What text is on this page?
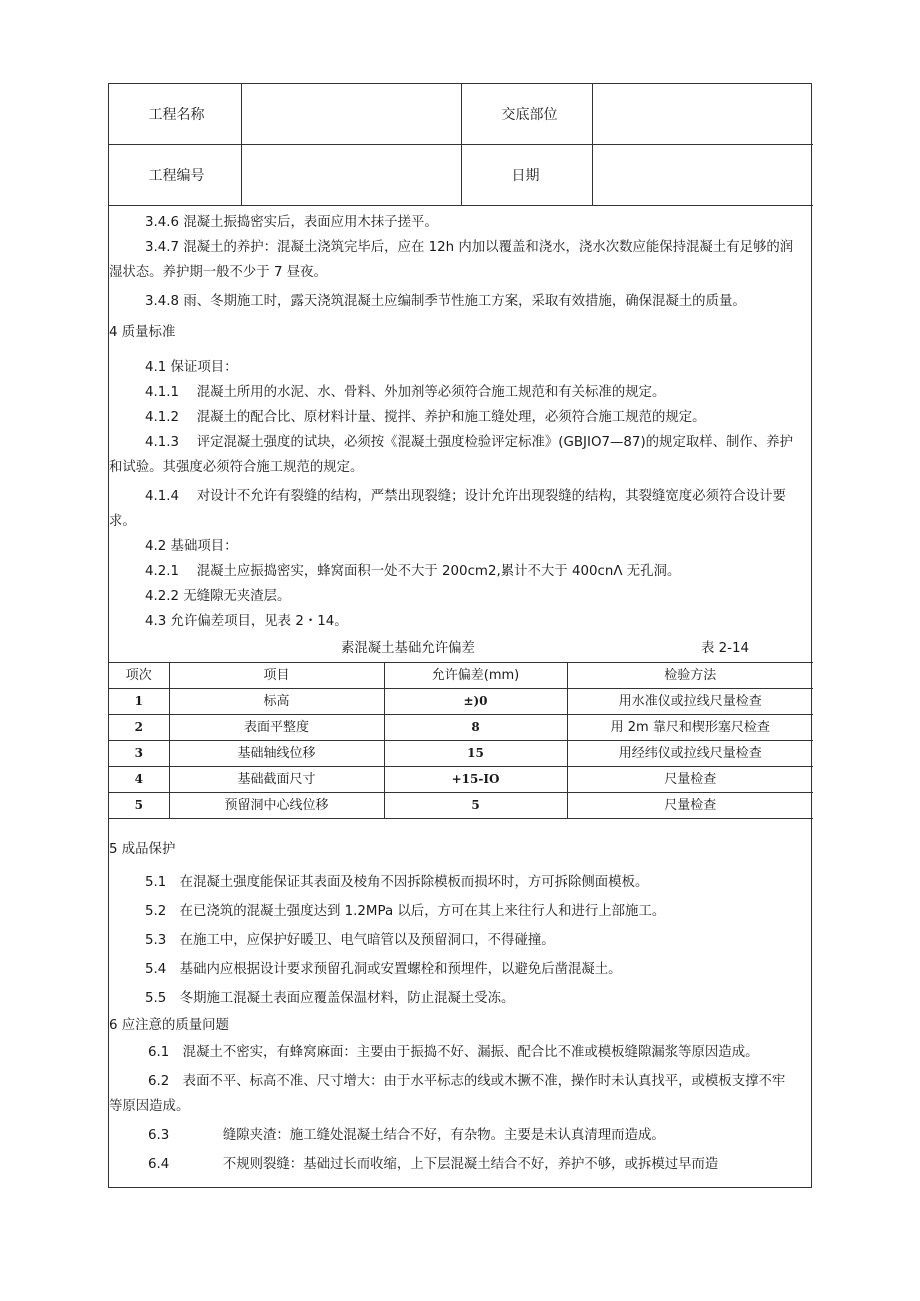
工程名称		交底部位	
工程编号		日期	

3.4.6 混凝土振捣密实后，表面应用木抹子搓平。

3.4.7 混凝土的养护：混凝土浇筑完毕后，应在 12h 内加以覆盖和浇水，浇水次数应能保持混凝土有足够的润湿状态。养护期一般不少于 7 昼夜。

3.4.8 雨、冬期施工时，露天浇筑混凝土应编制季节性施工方案，采取有效措施，确保混凝土的质量。

4 质量标准

4.1 保证项目：

4.1.1　 混凝土所用的水泥、水、骨料、外加剂等必须符合施工规范和有关标准的规定。

4.1.2　 混凝土的配合比、原材料计量、搅拌、养护和施工缝处理，必须符合施工规范的规定。

4.1.3　 评定混凝土强度的试块，必须按《混凝土强度检验评定标准》(GBJIO7—87)的规定取样、制作、养护和试验。其强度必须符合施工规范的规定。

4.1.4　 对设计不允许有裂缝的结构，严禁出现裂缝；设计允许出现裂缝的结构，其裂缝宽度必须符合设计要求。

4.2 基础项目：

4.2.1　 混凝土应振捣密实，蜂窝面积一处不大于 200cm2,累计不大于 400cnΛ 无孔洞。

4.2.2 无缝隙无夹渣层。

4.3 允许偏差项目，见表 2・14。

素混凝土基础允许偏差	表 2-14
项次	项目	允许偏差(mm)	检验方法
1	标高	±)0	用水准仪或拉线尺量检查
2	表面平整度	8	用 2m 靠尺和楔形塞尺检查
3	基础轴线位移	15	用经纬仪或拉线尺量检查
4	基础截面尺寸	+15-IO	尺量检查
5	预留洞中心线位移	5	尺量检查

5 成品保护

5.1　在混凝土强度能保证其表面及棱角不因拆除模板而损坏时，方可拆除侧面模板。

5.2　在已浇筑的混凝土强度达到 1.2MPa 以后，方可在其上来往行人和进行上部施工。

5.3　在施工中，应保护好暖卫、电气暗管以及预留洞口，不得碰撞。

5.4　基础内应根据设计要求预留孔洞或安置螺栓和预埋件，以避免后凿混凝土。

5.5　冬期施工混凝土表面应覆盖保温材料，防止混凝土受冻。

6 应注意的质量问题

6.1　混凝土不密实，有蜂窝麻面：主要由于振捣不好、漏振、配合比不准或模板缝隙漏浆等原因造成。

6.2　表面不平、标高不准、尺寸增大：由于水平标志的线或木撅不准，操作时未认真找平，或模板支撑不牢等原因造成。

6.3　　　　缝隙夹渣：施工缝处混凝土结合不好，有杂物。主要是未认真清理而造成。

6.4　　　　不规则裂缝：基础过长而收缩，上下层混凝土结合不好，养护不够，或拆模过早而造
